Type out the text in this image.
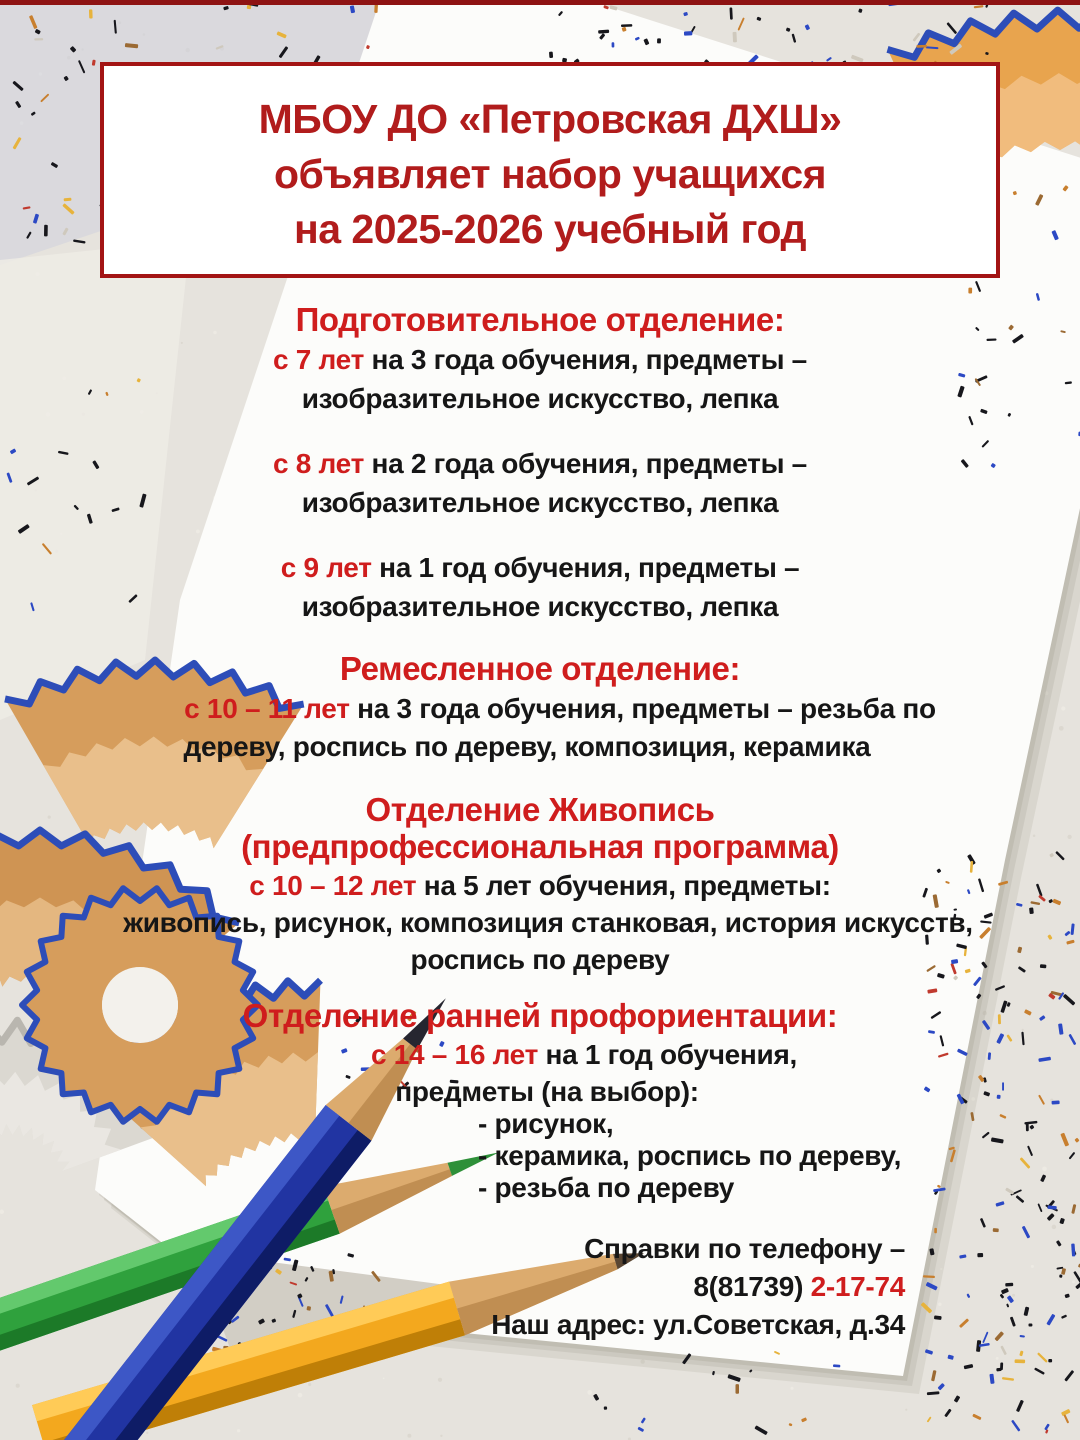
МБОУ ДО «Петровская ДХШ»
объявляет набор учащихся
на 2025-2026 учебный год
Подготовительное отделение:
с 7 лет на 3 года обучения, предметы –
изобразительное искусство, лепка
с 8 лет на 2 года обучения, предметы –
изобразительное искусство, лепка
с 9 лет на 1 год обучения, предметы –
изобразительное искусство, лепка
Ремесленное отделение:
с 10 – 11 лет на 3 года обучения, предметы – резьба по
дереву, роспись по дереву, композиция, керамика
Отделение Живопись
(предпрофессиональная программа)
с 10 – 12 лет на 5 лет обучения, предметы:
живопись, рисунок, композиция станковая, история искусств,
роспись по дереву
Отделение ранней профориентации:
с 14 – 16 лет на 1 год обучения,
предметы (на выбор):
- рисунок,
- керамика, роспись по дереву,
- резьба по дереву
Справки по телефону –
8(81739) 2-17-74
Наш адрес: ул.Советская, д.34
